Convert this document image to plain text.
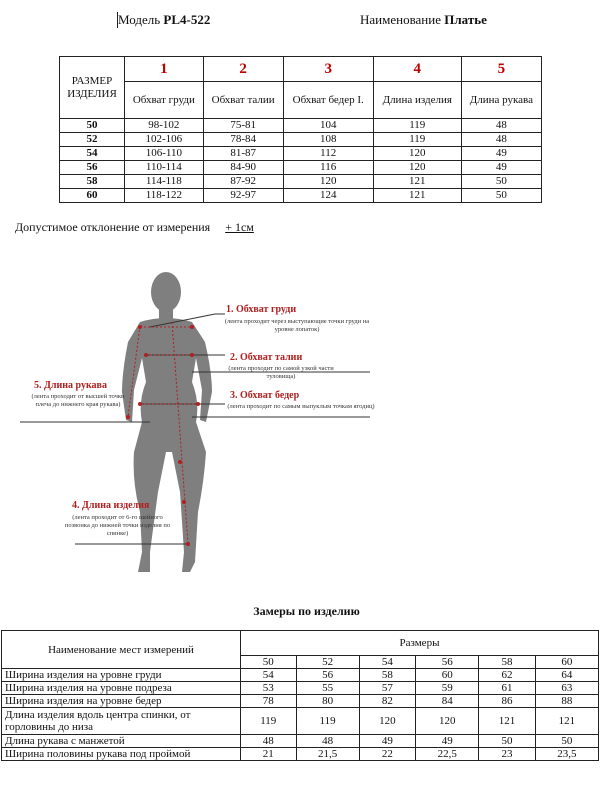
Модель PL4-522	Наименование Платье
РАЗМЕР ИЗДЕЛИЯ	1	2	3	4	5
	Обхват груди	Обхват талии	Обхват бедер I.	Длина изделия	Длина рукава
50	98-102	75-81	104	119	48
52	102-106	78-84	108	119	48
54	106-110	81-87	112	120	49
56	110-114	84-90	116	120	49
58	114-118	87-92	120	121	50
60	118-122	92-97	124	121	50
Допустимое отклонение от измерения + 1см
1. Обхват груди
(лента проходит через выступающие точки груди на уровне лопаток)
2. Обхват талии
(лента проходит по самой узкой части туловища)
3. Обхват бедер
(лента проходит по самым выпуклым точкам ягодиц)
5. Длина рукава
(лента проходит от высшей точки плеча до нижнего края рукава)
4. Длина изделия
(лента проходит от 6-го шейного позвонка до нижней точки изделия по спинке)
Замеры по изделию
Наименование мест измерений	Размеры					
	50	52	54	56	58	60
Ширина изделия на уровне груди	54	56	58	60	62	64
Ширина изделия на уровне подреза	53	55	57	59	61	63
Ширина изделия на уровне бедер	78	80	82	84	86	88
Длина изделия вдоль центра спинки, от горловины до низа	119	119	120	120	121	121
Длина рукава с манжетой	48	48	49	49	50	50
Ширина половины рукава под проймой	21	21,5	22	22,5	23	23,5
